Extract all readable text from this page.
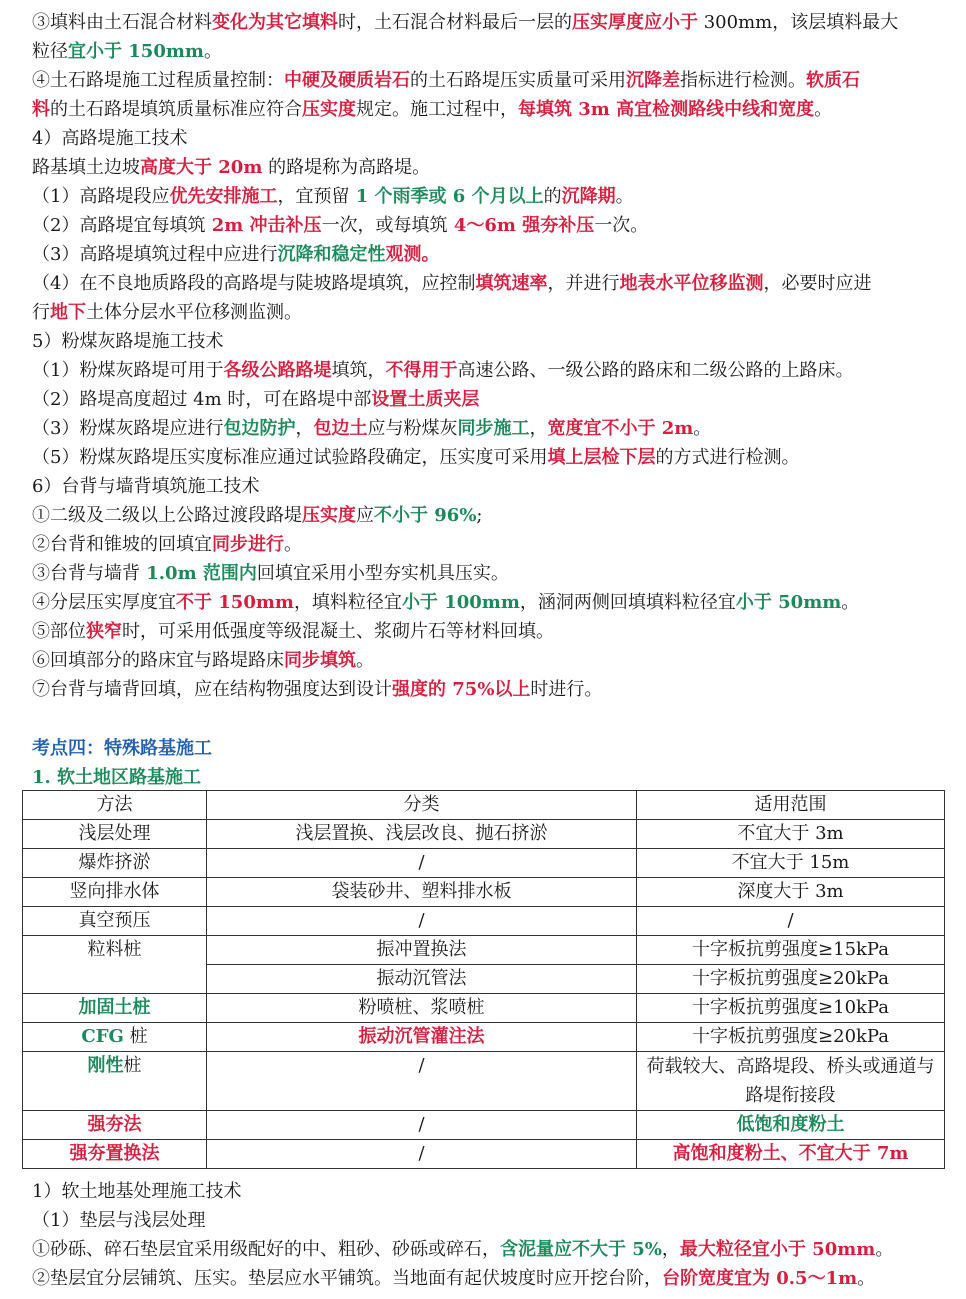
③填料由土石混合材料变化为其它填料时，土石混合材料最后一层的压实厚度应小于 300mm，该层填料最大
粒径宜小于 150mm。
④土石路堤施工过程质量控制：中硬及硬质岩石的土石路堤压实质量可采用沉降差指标进行检测。软质石
料的土石路堤填筑质量标准应符合压实度规定。施工过程中，每填筑 3m 高宜检测路线中线和宽度。
4）高路堤施工技术
路基填土边坡高度大于 20m 的路堤称为高路堤。
（1）高路堤段应优先安排施工，宜预留 1 个雨季或 6 个月以上的沉降期。
（2）高路堤宜每填筑 2m 冲击补压一次，或每填筑 4～6m 强夯补压一次。
（3）高路堤填筑过程中应进行沉降和稳定性观测。
（4）在不良地质路段的高路堤与陡坡路堤填筑，应控制填筑速率，并进行地表水平位移监测，必要时应进
行地下土体分层水平位移测监测。
5）粉煤灰路堤施工技术
（1）粉煤灰路堤可用于各级公路路堤填筑，不得用于高速公路、一级公路的路床和二级公路的上路床。
（2）路堤高度超过 4m 时，可在路堤中部设置土质夹层
（3）粉煤灰路堤应进行包边防护，包边土应与粉煤灰同步施工，宽度宜不小于 2m。
（5）粉煤灰路堤压实度标准应通过试验路段确定，压实度可采用填上层检下层的方式进行检测。
6）台背与墙背填筑施工技术
①二级及二级以上公路过渡段路堤压实度应不小于 96%;
②台背和锥坡的回填宜同步进行。
③台背与墙背 1.0m 范围内回填宜采用小型夯实机具压实。
④分层压实厚度宜不于 150mm，填料粒径宜小于 100mm，涵洞两侧回填填料粒径宜小于 50mm。
⑤部位狭窄时，可采用低强度等级混凝土、浆砌片石等材料回填。
⑥回填部分的路床宜与路堤路床同步填筑。
⑦台背与墙背回填，应在结构物强度达到设计强度的 75%以上时进行。
考点四：特殊路基施工
1. 软土地区路基施工
方法	分类	适用范围
浅层处理	浅层置换、浅层改良、抛石挤淤	不宜大于 3m
爆炸挤淤	/	不宜大于 15m
竖向排水体	袋装砂井、塑料排水板	深度大于 3m
真空预压	/	/
粒料桩	振冲置换法	十字板抗剪强度≥15kPa
	振动沉管法	十字板抗剪强度≥20kPa
加固土桩	粉喷桩、浆喷桩	十字板抗剪强度≥10kPa
CFG 桩	振动沉管灌注法	十字板抗剪强度≥20kPa
刚性桩	/	荷载较大、高路堤段、桥头或通道与路堤衔接段
强夯法	/	低饱和度粉土
强夯置换法	/	高饱和度粉土、不宜大于 7m
1）软土地基处理施工技术
（1）垫层与浅层处理
①砂砾、碎石垫层宜采用级配好的中、粗砂、砂砾或碎石，含泥量应不大于 5%，最大粒径宜小于 50mm。
②垫层宜分层铺筑、压实。垫层应水平铺筑。当地面有起伏坡度时应开挖台阶，台阶宽度宜为 0.5～1m。
